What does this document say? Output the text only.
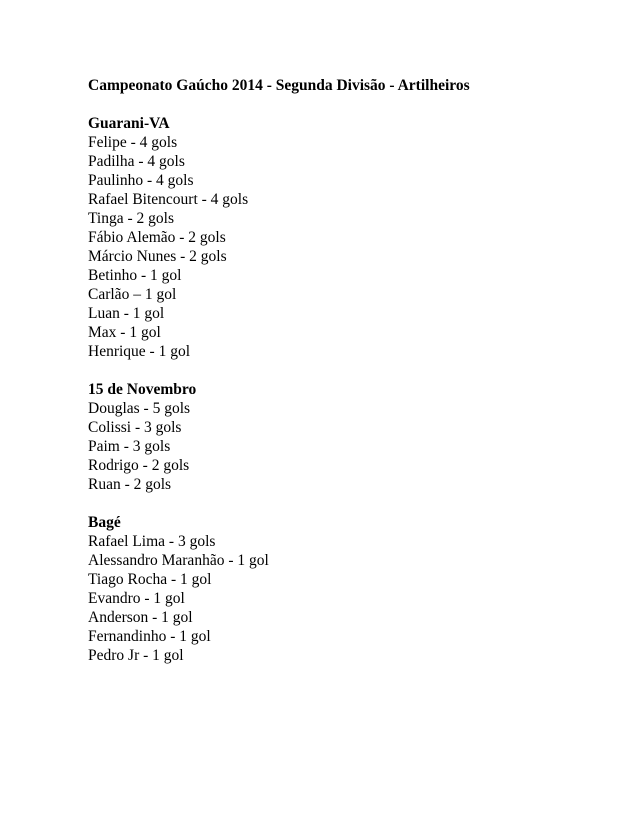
Campeonato Gaúcho 2014 - Segunda Divisão - Artilheiros
Guarani-VA
Felipe - 4 gols
Padilha - 4 gols
Paulinho - 4 gols
Rafael Bitencourt - 4 gols
Tinga - 2 gols
Fábio Alemão - 2 gols
Márcio Nunes - 2 gols
Betinho - 1 gol
Carlão – 1 gol
Luan - 1 gol
Max - 1 gol
Henrique - 1 gol
15 de Novembro
Douglas - 5 gols
Colissi - 3 gols
Paim - 3 gols
Rodrigo - 2 gols
Ruan - 2 gols
Bagé
Rafael Lima - 3 gols
Alessandro Maranhão - 1 gol
Tiago Rocha - 1 gol
Evandro - 1 gol
Anderson - 1 gol
Fernandinho - 1 gol
Pedro Jr - 1 gol
